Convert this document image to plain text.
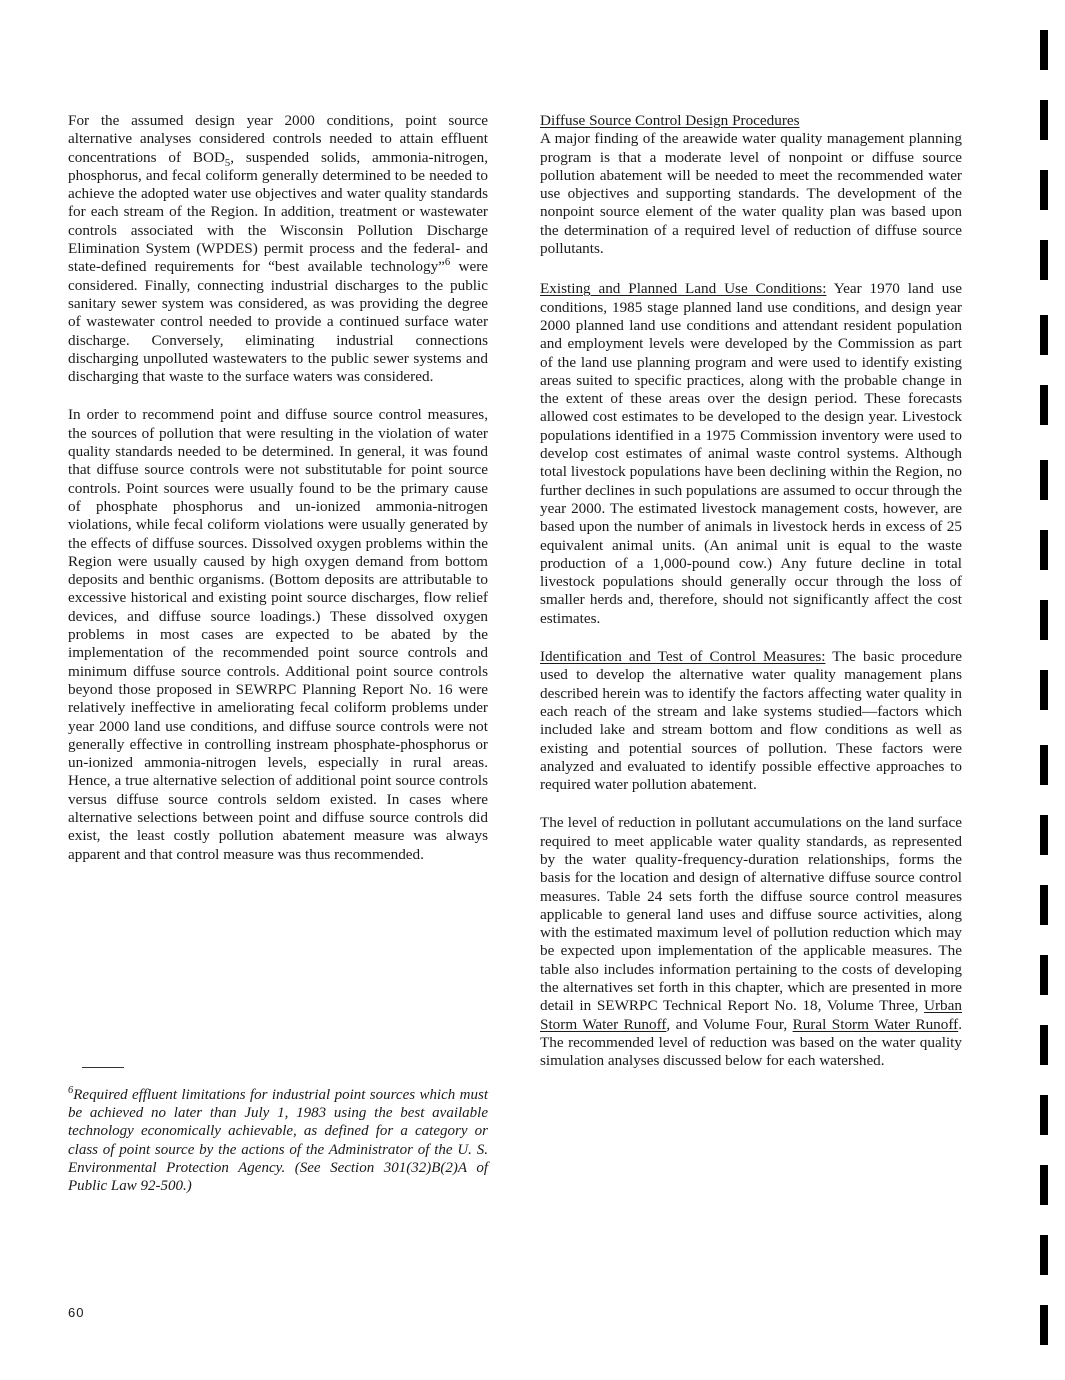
For the assumed design year 2000 conditions, point source alternative analyses considered controls needed to attain effluent concentrations of $BOD_5$, suspended solids, ammonia-nitrogen, phosphorus, and fecal coliform generally determined to be needed to achieve the adopted water use objectives and water quality standards for each stream of the Region. In addition, treatment or wastewater controls associated with the Wisconsin Pollution Discharge Elimination System (WPDES) permit process and the federal- and state-defined requirements for “best available technology”$^6$ were considered. Finally, connecting industrial discharges to the public sanitary sewer system was considered, as was providing the degree of wastewater control needed to provide a continued surface water discharge. Conversely, eliminating industrial connections discharging unpolluted wastewaters to the public sewer systems and discharging that waste to the surface waters was considered.

In order to recommend point and diffuse source control measures, the sources of pollution that were resulting in the violation of water quality standards needed to be determined. In general, it was found that diffuse source controls were not substitutable for point source controls. Point sources were usually found to be the primary cause of phosphate phosphorus and un-ionized ammonia-nitrogen violations, while fecal coliform violations were usually generated by the effects of diffuse sources. Dissolved oxygen problems within the Region were usually caused by high oxygen demand from bottom deposits and benthic organisms. (Bottom deposits are attributable to excessive historical and existing point source discharges, flow relief devices, and diffuse source loadings.) These dissolved oxygen problems in most cases are expected to be abated by the implementation of the recommended point source controls and minimum diffuse source controls. Additional point source controls beyond those proposed in SEWRPC Planning Report No. 16 were relatively ineffective in ameliorating fecal coliform problems under year 2000 land use conditions, and diffuse source controls were not generally effective in controlling instream phosphate-phosphorus or un-ionized ammonia-nitrogen levels, especially in rural areas. Hence, a true alternative selection of additional point source controls versus diffuse source controls seldom existed. In cases where alternative selections between point and diffuse source controls did exist, the least costly pollution abatement measure was always apparent and that control measure was thus recommended.

$^6$Required effluent limitations for industrial point sources which must be achieved no later than July 1, 1983 using the best available technology economically achievable, as defined for a category or class of point source by the actions of the Administrator of the U. S. Environmental Protection Agency. (See Section 301(32)B(2)A of Public Law 92-500.)

Diffuse Source Control Design Procedures
A major finding of the areawide water quality management planning program is that a moderate level of nonpoint or diffuse source pollution abatement will be needed to meet the recommended water use objectives and supporting standards. The development of the nonpoint source element of the water quality plan was based upon the determination of a required level of reduction of diffuse source pollutants.

Existing and Planned Land Use Conditions: Year 1970 land use conditions, 1985 stage planned land use conditions, and design year 2000 planned land use conditions and attendant resident population and employment levels were developed by the Commission as part of the land use planning program and were used to identify existing areas suited to specific practices, along with the probable change in the extent of these areas over the design period. These forecasts allowed cost estimates to be developed to the design year. Livestock populations identified in a 1975 Commission inventory were used to develop cost estimates of animal waste control systems. Although total livestock populations have been declining within the Region, no further declines in such populations are assumed to occur through the year 2000. The estimated livestock management costs, however, are based upon the number of animals in livestock herds in excess of 25 equivalent animal units. (An animal unit is equal to the waste production of a 1,000-pound cow.) Any future decline in total livestock populations should generally occur through the loss of smaller herds and, therefore, should not significantly affect the cost estimates.

Identification and Test of Control Measures: The basic procedure used to develop the alternative water quality management plans described herein was to identify the factors affecting water quality in each reach of the stream and lake systems studied—factors which included lake and stream bottom and flow conditions as well as existing and potential sources of pollution. These factors were analyzed and evaluated to identify possible effective approaches to required water pollution abatement.

The level of reduction in pollutant accumulations on the land surface required to meet applicable water quality standards, as represented by the water quality-frequency-duration relationships, forms the basis for the location and design of alternative diffuse source control measures. Table 24 sets forth the diffuse source control measures applicable to general land uses and diffuse source activities, along with the estimated maximum level of pollution reduction which may be expected upon implementation of the applicable measures. The table also includes information pertaining to the costs of developing the alternatives set forth in this chapter, which are presented in more detail in SEWRPC Technical Report No. 18, Volume Three, Urban Storm Water Runoff, and Volume Four, Rural Storm Water Runoff. The recommended level of reduction was based on the water quality simulation analyses discussed below for each watershed.

60
